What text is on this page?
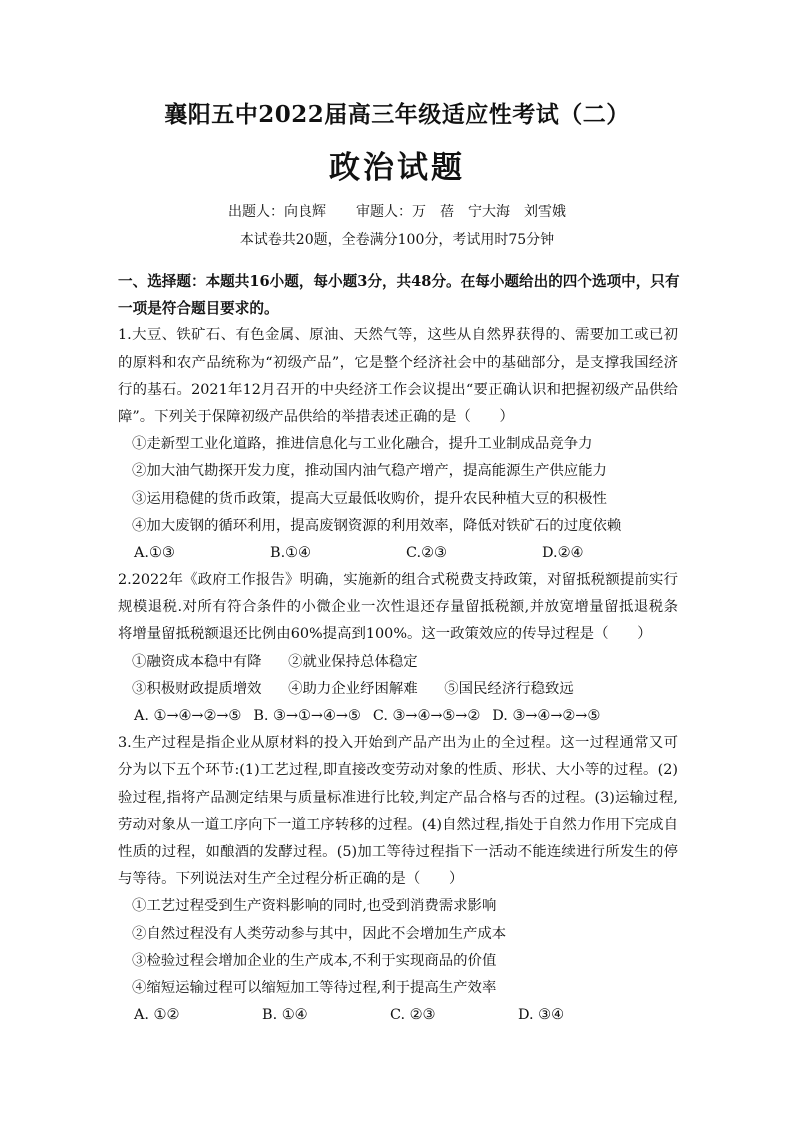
襄阳五中2022届高三年级适应性考试（二）
政治试题
出题人：向良辉 审题人：万　蓓　宁大海　刘雪娥
本试卷共20题，全卷满分100分，考试用时75分钟
一、选择题：本题共16小题，每小题3分，共48分。在每小题给出的四个选项中，只有
一项是符合题目要求的。
1.大豆、铁矿石、有色金属、原油、天然气等，这些从自然界获得的、需要加工或已初
的原料和农产品统称为“初级产品”，它是整个经济社会中的基础部分，是支撑我国经济
行的基石。2021年12月召开的中央经济工作会议提出“要正确认识和把握初级产品供给
障”。下列关于保障初级产品供给的举措表述正确的是（　　）
①走新型工业化道路，推进信息化与工业化融合，提升工业制成品竞争力
②加大油气勘探开发力度，推动国内油气稳产增产，提高能源生产供应能力
③运用稳健的货币政策，提高大豆最低收购价，提升农民种植大豆的积极性
④加大废钢的循环利用，提高废钢资源的利用效率，降低对铁矿石的过度依赖
A.①③	B.①④	C.②③	D.②④
2.2022年《政府工作报告》明确，实施新的组合式税费支持政策，对留抵税额提前实行
规模退税.对所有符合条件的小微企业一次性退还存量留抵税额,并放宽增量留抵退税条
将增量留抵税额退还比例由60%提高到100%。这一政策效应的传导过程是（　　）
①融资成本稳中有降 ②就业保持总体稳定
③积极财政提质增效 ④助力企业纾困解难 ⑤国民经济行稳致远
A. ①→④→②→⑤ B. ③→①→④→⑤ C. ③→④→⑤→② D. ③→④→②→⑤
3.生产过程是指企业从原材料的投入开始到产品产出为止的全过程。这一过程通常又可
分为以下五个环节:(1)工艺过程,即直接改变劳动对象的性质、形状、大小等的过程。(2)
验过程,指将产品测定结果与质量标准进行比较,判定产品合格与否的过程。(3)运输过程,
劳动对象从一道工序向下一道工序转移的过程。(4)自然过程,指处于自然力作用下完成自
性质的过程，如酿酒的发酵过程。(5)加工等待过程指下一活动不能连续进行所发生的停
与等待。下列说法对生产全过程分析正确的是（　　）
①工艺过程受到生产资料影响的同时,也受到消费需求影响
②自然过程没有人类劳动参与其中，因此不会增加生产成本
③检验过程会增加企业的生产成本,不利于实现商品的价值
④缩短运输过程可以缩短加工等待过程,利于提高生产效率
A. ①②	B. ①④	C. ②③	D. ③④
